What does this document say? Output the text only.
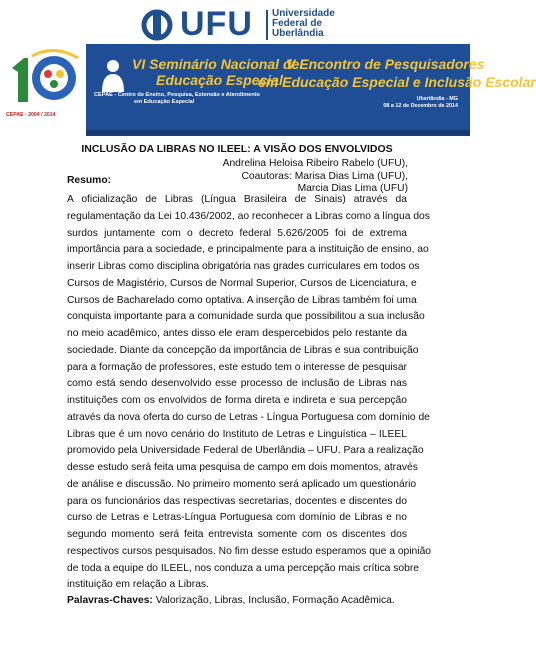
UFU Universidade
Federal de
Uberlândia
CEPAE - 2004 / 2014
VI Seminário Nacional de
Educação Especial
V Encontro de Pesquisadores
em Educação Especial e Inclusão Escolar
CEPAE - Centro de Ensino, Pesquisa, Extensão e Atendimento
em Educação Especial	Uberlândia - MG
08 a 12 de Dezembro de 2014
INCLUSÃO DA LIBRAS NO ILEEL: A VISÃO DOS ENVOLVIDOS
Andrelina Heloisa Ribeiro Rabelo (UFU),
Coautoras: Marisa Dias Lima (UFU),
Marcia Dias Lima (UFU)
Resumo:
A oficialização de Libras (Língua Brasileira de Sinais) através da
regulamentação da Lei 10.436/2002, ao reconhecer a Libras como a língua dos
surdos juntamente com o decreto federal 5.626/2005 foi de extrema
importância para a sociedade, e principalmente para a instituição de ensino, ao
inserir Libras como disciplina obrigatória nas grades curriculares em todos os
Cursos de Magistério, Cursos de Normal Superior, Cursos de Licenciatura, e
Cursos de Bacharelado como optativa. A inserção de Libras também foi uma
conquista importante para a comunidade surda que possibilitou a sua inclusão
no meio acadêmico, antes disso ele eram despercebidos pelo restante da
sociedade. Diante da concepção da importância de Libras e sua contribuição
para a formação de professores, este estudo tem o interesse de pesquisar
como está sendo desenvolvido esse processo de inclusão de Libras nas
instituições com os envolvidos de forma direta e indireta e sua percepção
através da nova oferta do curso de Letras - Língua Portuguesa com domínio de
Libras que é um novo cenário do Instituto de Letras e Linguística – ILEEL
promovido pela Universidade Federal de Uberlândia – UFU. Para a realização
desse estudo será feita uma pesquisa de campo em dois momentos, através
de análise e discussão. No primeiro momento será aplicado um questionário
para os funcionários das respectivas secretarias, docentes e discentes do
curso de Letras e Letras-Língua Portuguesa com domínio de Libras e no
segundo momento será feita entrevista somente com os discentes dos
respectivos cursos pesquisados. No fim desse estudo esperamos que a opinião
de toda a equipe do ILEEL, nos conduza a uma percepção mais crítica sobre
instituição em relação a Libras.
Palavras-Chaves: Valorização, Libras, Inclusão, Formação Acadêmica.
